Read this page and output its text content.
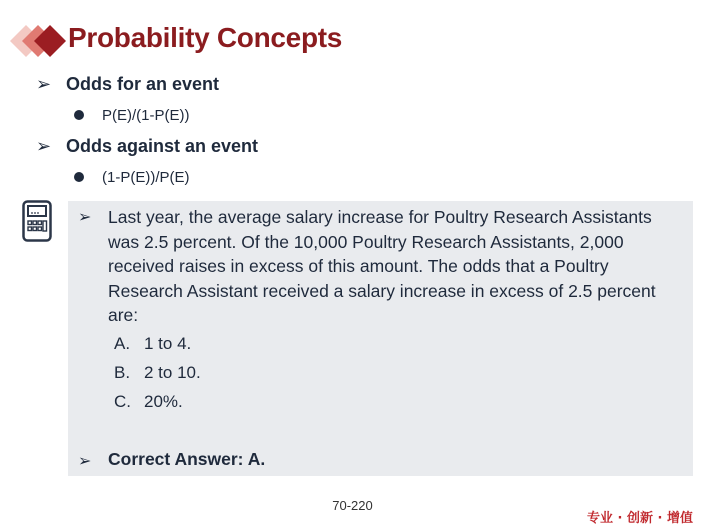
Probability Concepts
➢ Odds for an event
P(E)/(1-P(E))
➢ Odds against an event
(1-P(E))/P(E)
➢ Last year, the average salary increase for Poultry Research Assistants was 2.5 percent. Of the 10,000 Poultry Research Assistants, 2,000 received raises in excess of this amount. The odds that a Poultry Research Assistant received a salary increase in excess of 2.5 percent are:
A. 1 to 4.
B. 2 to 10.
C. 20%.
➢ Correct Answer: A.
70-220
专业 · 创新 · 增值
